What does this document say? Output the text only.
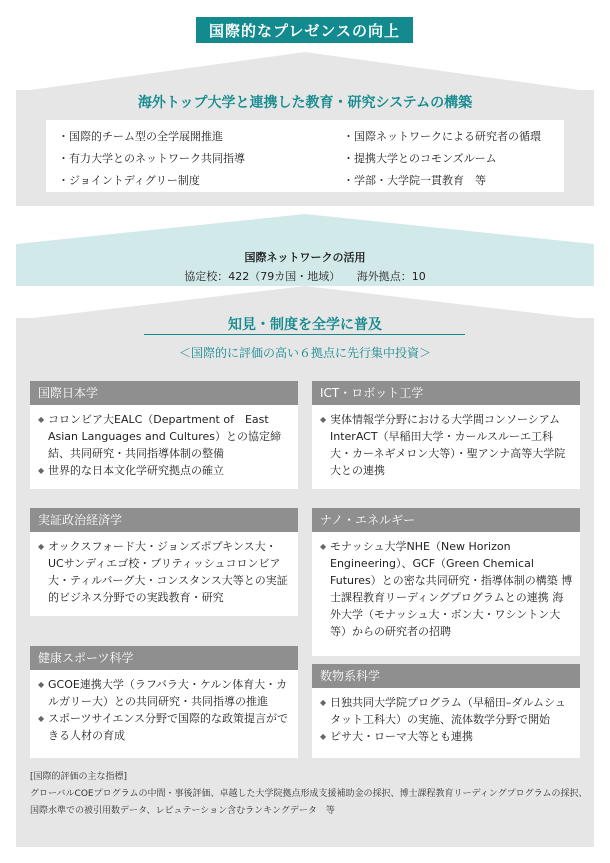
国際的なプレゼンスの向上
海外トップ大学と連携した教育・研究システムの構築
・国際的チーム型の全学展開推進
・有力大学とのネットワーク共同指導
・ジョイントディグリー制度
・国際ネットワークによる研究者の循環
・提携大学とのコモンズルーム
・学部・大学院一貫教育　等
国際ネットワークの活用
協定校：422（79カ国・地域）　　海外拠点：10
知見・制度を全学に普及
＜国際的に評価の高い６拠点に先行集中投資＞
国際日本学
◆ コロンビア大EALC（Department of　East Asian Languages and Cultures）との協定締結、共同研究・共同指導体制の整備
◆ 世界的な日本文化学研究拠点の確立
ICT・ロボット工学
◆ 実体情報学分野における大学間コンソーシアムInterACT（早稲田大学・カールスルーエ工科大・カーネギメロン大等）・聖アンナ高等大学院大との連携
実証政治経済学
◆ オックスフォード大・ジョンズポプキンス大・UCサンディエゴ校・ブリティッシュコロンビア大・ティルバーグ大・コンスタンス大等との実証的ビジネス分野での実践教育・研究
ナノ・エネルギー
◆ モナッシュ大学NHE（New Horizon Engineering）、GCF（Green Chemical Futures）との密な共同研究・指導体制の構築 博士課程教育リーディングプログラムとの連携 海外大学（モナッシュ大・ボン大・ワシントン大等）からの研究者の招聘
健康スポーツ科学
◆ GCOE連携大学（ラフバラ大・ケルン体育大・カルガリー大）との共同研究・共同指導の推進
◆ スポーツサイエンス分野で国際的な政策提言ができる人材の育成
数物系科学
◆ 日独共同大学院プログラム（早稲田–ダルムシュタット工科大）の実施、流体数学分野で開始
◆ ピサ大・ローマ大等とも連携
[国際的評価の主な指標]
グローバルCOEプログラムの中間・事後評価、卓越した大学院拠点形成支援補助金の採択、博士課程教育リーディングプログラムの採択、国際水準での被引用数データ、レピュテーション含むランキングデータ　等
